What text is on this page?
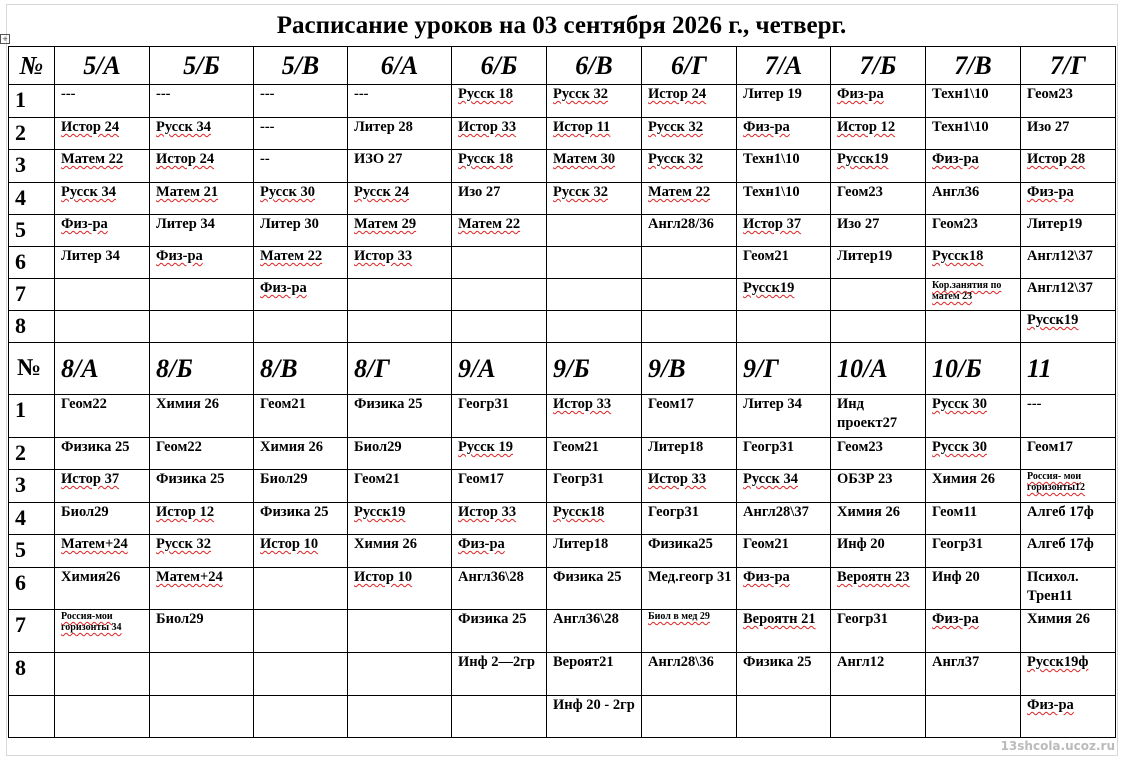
Расписание уроков на 03 сентября 2026 г., четверг.
+
№	5/А	5/Б	5/В	6/А	6/Б	6/В	6/Г	7/А	7/Б	7/В	7/Г
1	---	---	---	---	Русск 18	Русск 32	Истор 24	Литер 19	Физ-ра	Техн1\10	Геом23
2	Истор 24	Русск 34	---	Литер 28	Истор 33	Истор 11	Русск 32	Физ-ра	Истор 12	Техн1\10	Изо 27
3	Матем 22	Истор 24	--	ИЗО 27	Русск 18	Матем 30	Русск 32	Техн1\10	Русск19	Физ-ра	Истор 28
4	Русск 34	Матем 21	Русск 30	Русск 24	Изо 27	Русск 32	Матем 22	Техн1\10	Геом23	Англ36	Физ-ра
5	Физ-ра	Литер 34	Литер 30	Матем 29	Матем 22		Англ28/36	Истор 37	Изо 27	Геом23	Литер19
6	Литер 34	Физ-ра	Матем 22	Истор 33				Геом21	Литер19	Русск18	Англ12\37
7			Физ-ра					Русск19		Кор.занятия по матем 23	Англ12\37
8											Русск19
№	8/А	8/Б	8/В	8/Г	9/А	9/Б	9/В	9/Г	10/А	10/Б	11
1	Геом22	Химия 26	Геом21	Физика 25	Геогр31	Истор 33	Геом17	Литер 34	Инд проект27	Русск 30	---
2	Физика 25	Геом22	Химия 26	Биол29	Русск 19	Геом21	Литер18	Геогр31	Геом23	Русск 30	Геом17
3	Истор 37	Физика 25	Биол29	Геом21	Геом17	Геогр31	Истор 33	Русск 34	ОБЗР 23	Химия 26	Россия- мои горизонты12
4	Биол29	Истор 12	Физика 25	Русск19	Истор 33	Русск18	Геогр31	Англ28\37	Химия 26	Геом11	Алгеб 17ф
5	Матем+24	Русск 32	Истор 10	Химия 26	Физ-ра	Литер18	Физика25	Геом21	Инф 20	Геогр31	Алгеб 17ф
6	Химия26	Матем+24		Истор 10	Англ36\28	Физика 25	Мед.геогр 31	Физ-ра	Вероятн 23	Инф 20	Психол. Трен11
7	Россия-мои горизонты 34	Биол29			Физика 25	Англ36\28	Биол в мед 29	Вероятн 21	Геогр31	Физ-ра	Химия 26
8					Инф 2—2гр	Вероят21	Англ28\36	Физика 25	Англ12	Англ37	Русск19ф
						Инф 20 - 2гр					Физ-ра
13shcola.ucoz.ru
